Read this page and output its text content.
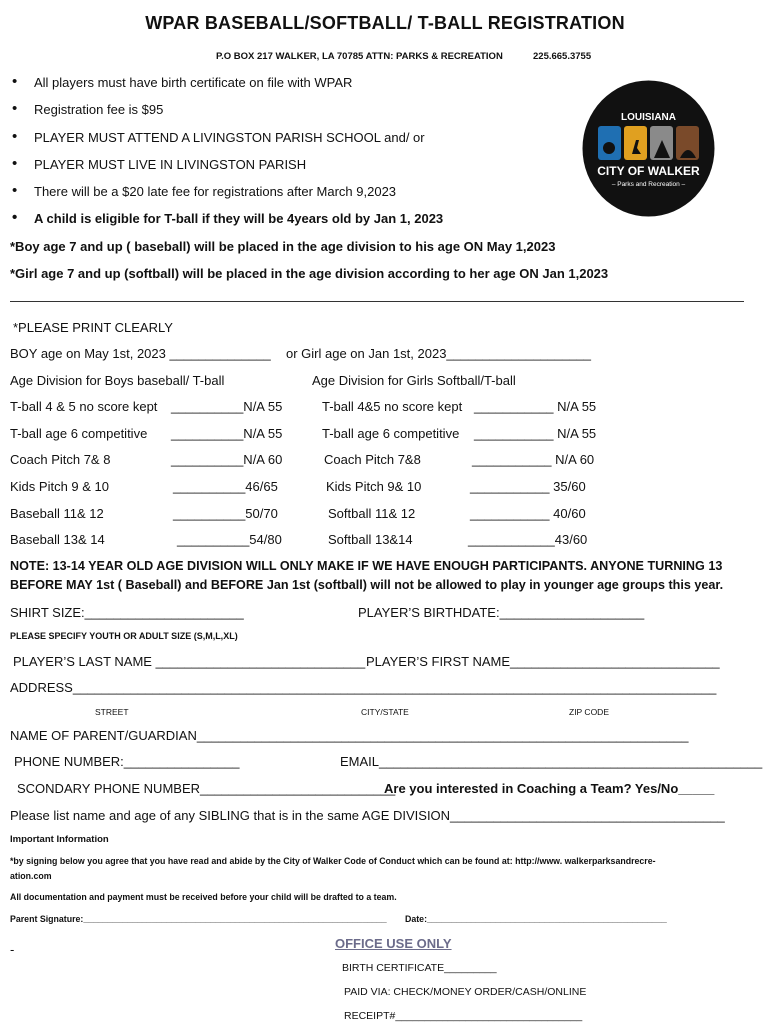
WPAR BASEBALL/SOFTBALL/ T-BALL REGISTRATION
P.O BOX 217 WALKER, LA 70785 ATTN: PARKS & RECREATION	225.665.3755
• All players must have birth certificate on file with WPAR
• Registration fee is $95
• PLAYER MUST ATTEND A LIVINGSTON PARISH SCHOOL and/ or
• PLAYER MUST LIVE IN LIVINGSTON PARISH
• There will be a $20 late fee for registrations after March 9,2023
• A child is eligible for T-ball if they will be 4years old by Jan 1, 2023
LOUISIANA
CITY OF WALKER
– Parks and Recreation –
*Boy age 7 and up ( baseball) will be placed in the age division to his age ON May 1,2023
*Girl age 7 and up (softball) will be placed in the age division according to her age ON Jan 1,2023
*PLEASE PRINT CLEARLY
BOY age on May 1st, 2023 ______________ or Girl age on Jan 1st, 2023____________________
Age Division for Boys baseball/ T-ball	Age Division for Girls Softball/T-ball
T-ball 4 & 5 no score kept __________N/A 55
T-ball age 6 competitive __________N/A 55
Coach Pitch 7& 8	__________N/A 60
Kids Pitch 9 & 10	__________46/65
Baseball 11& 12	__________50/70
Baseball 13& 14	__________54/80
T-ball 4&5 no score kept ___________ N/A 55
T-ball age 6 competitive ___________ N/A 55
Coach Pitch 7&8	___________ N/A 60
Kids Pitch 9& 10	___________ 35/60
Softball 11& 12	___________ 40/60
Softball 13&14	____________43/60
NOTE: 13-14 YEAR OLD AGE DIVISION WILL ONLY MAKE IF WE HAVE ENOUGH PARTICIPANTS. ANYONE TURNING 13
BEFORE MAY 1st ( Baseball) and BEFORE Jan 1st (softball) will not be allowed to play in younger age groups this year.
SHIRT SIZE:______________________	PLAYER’S BIRTHDATE:____________________
PLEASE SPECIFY YOUTH OR ADULT SIZE (S,M,L,XL)
PLAYER’S LAST NAME _____________________________ PLAYER’S FIRST NAME_____________________________
ADDRESS_________________________________________________________________________________________
STREET	CITY/STATE	ZIP CODE
NAME OF PARENT/GUARDIAN____________________________________________________________________
PHONE NUMBER:________________	EMAIL_____________________________________________________
SCONDARY PHONE NUMBER___________________________
Are you interested in Coaching a Team? Yes/No_____
Please list name and age of any SIBLING that is in the same AGE DIVISION______________________________________
Important Information
*by signing below you agree that you have read and abide by the City of Walker Code of Conduct which can be found at: http://www. walkerparksandrecre-
ation.com
All documentation and payment must be received before your child will be drafted to a team.
Parent Signature:______________________________________________________________ Date:_________________________________________________
-	OFFICE USE ONLY
BIRTH CERTIFICATE_________
PAID VIA: CHECK/MONEY ORDER/CASH/ONLINE
RECEIPT#________________________________
